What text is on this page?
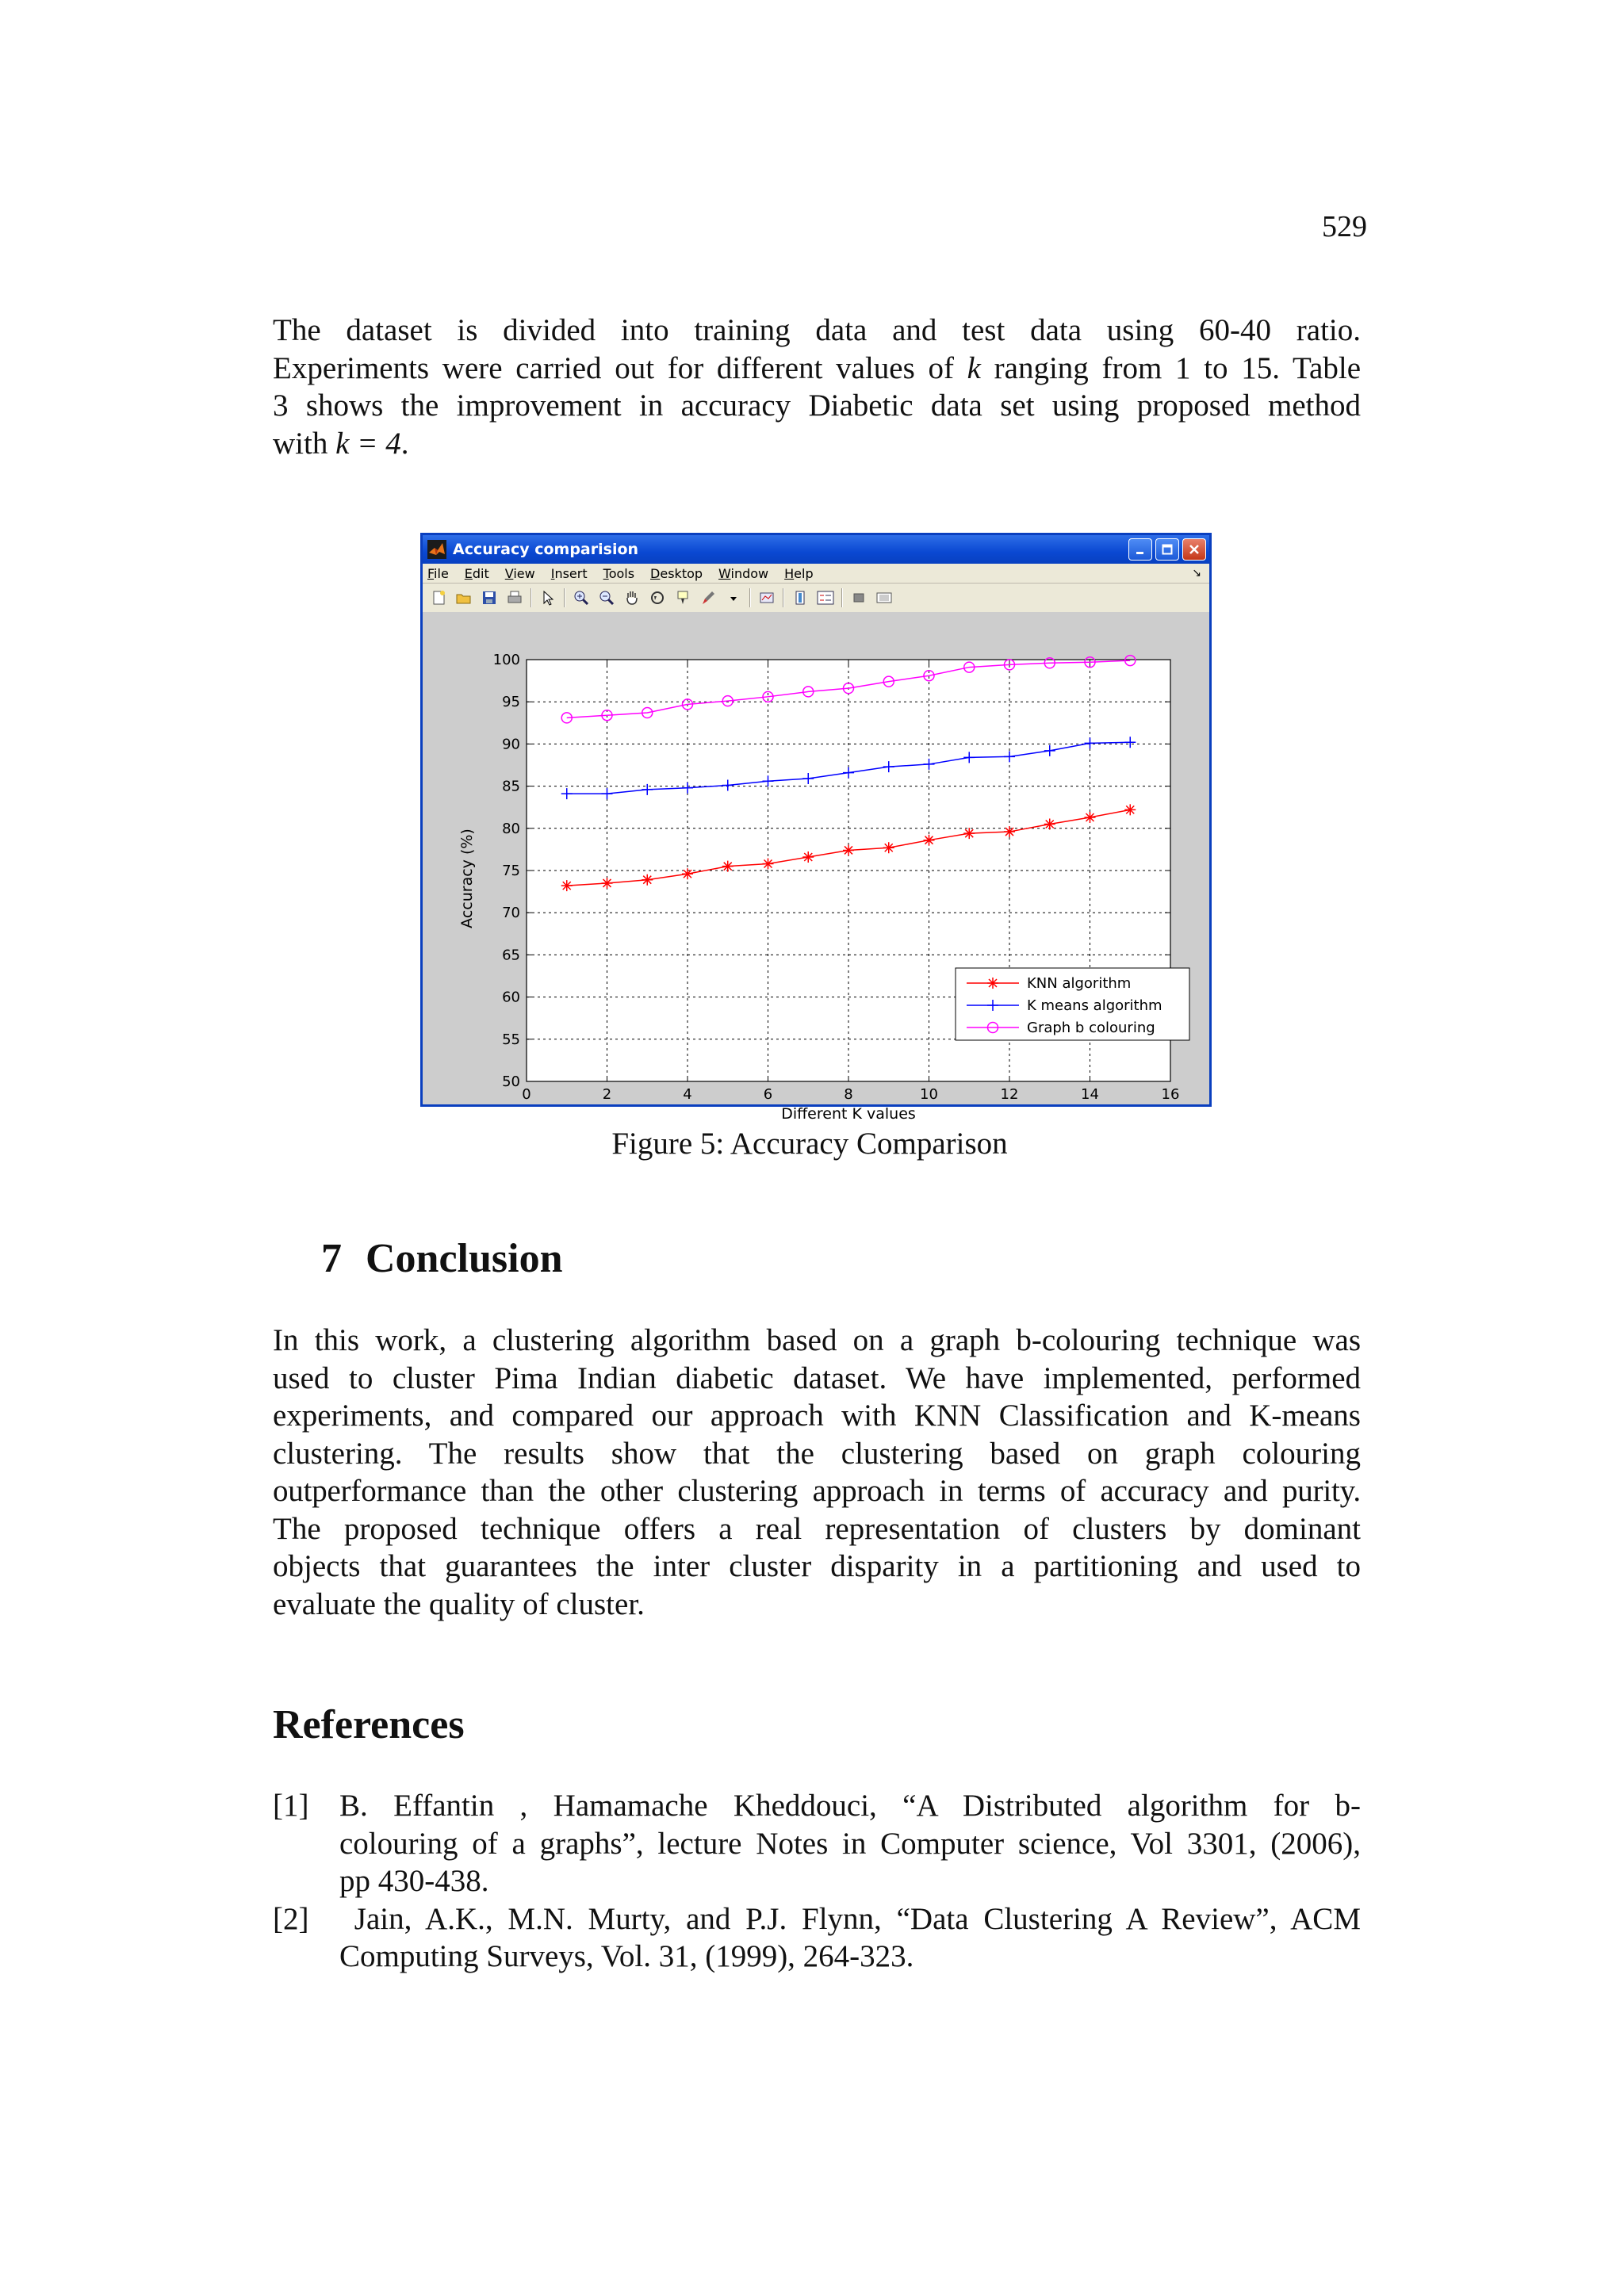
529
The dataset is divided into training data and test data using 60-40 ratio.
Experiments were carried out for different values of k ranging from 1 to 15. Table
3 shows the improvement in accuracy Diabetic data set using proposed method
with k = 4.
Accuracy comparision
File Edit View Insert Tools Desktop Window Help	↘
0	2	4	6	8	10	12	14	16
50
55
60
65
70
75
80
85
90
95
100
Different K values
Accuracy (%)
KNN algorithm
K means algorithm
Graph b colouring
Figure 5: Accuracy Comparison
7 Conclusion
In this work, a clustering algorithm based on a graph b-colouring technique was
used to cluster Pima Indian diabetic dataset. We have implemented, performed
experiments, and compared our approach with KNN Classification and K-means
clustering. The results show that the clustering based on graph colouring
outperformance than the other clustering approach in terms of accuracy and purity.
The proposed technique offers a real representation of clusters by dominant
objects that guarantees the inter cluster disparity in a partitioning and used to
evaluate the quality of cluster.
References
[1] B. Effantin , Hamamache Kheddouci, “A Distributed algorithm for b-
colouring of a graphs”, lecture Notes in Computer science, Vol 3301, (2006),
pp 430-438.
[2] Jain, A.K., M.N. Murty, and P.J. Flynn, “Data Clustering A Review”, ACM
Computing Surveys, Vol. 31, (1999), 264-323.
